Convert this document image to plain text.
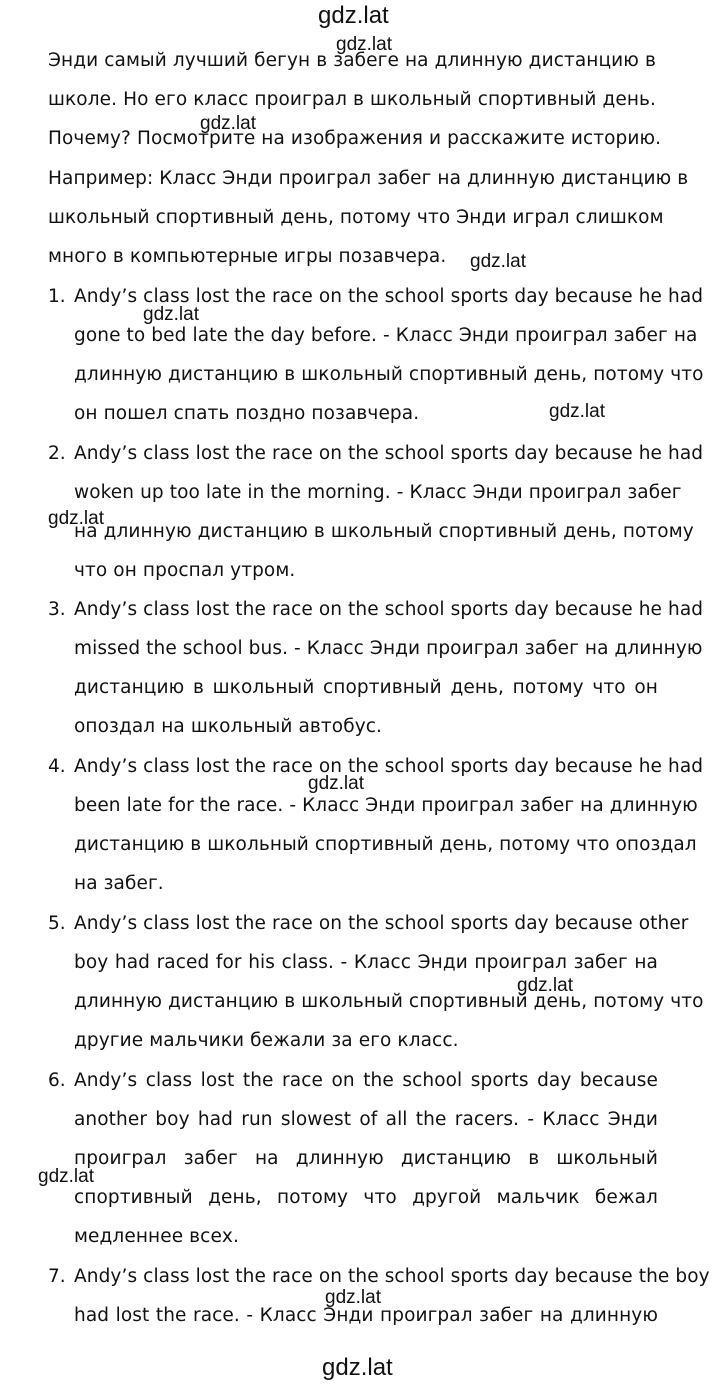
gdz.lat
gdz.lat
gdz.lat
gdz.lat
gdz.lat
gdz.lat
gdz.lat
gdz.lat
gdz.lat
gdz.lat
gdz.lat
gdz.lat
Энди самый лучший бегун в забеге на длинную дистанцию в
школе. Но его класс проиграл в школьный спортивный день.
Почему? Посмотрите на изображения и расскажите историю.
Например: Класс Энди проиграл забег на длинную дистанцию в
школьный спортивный день, потому что Энди играл слишком
много в компьютерные игры позавчера.
1. Andy’s class lost the race on the school sports day because he had
gone to bed late the day before. - Класс Энди проиграл забег на
длинную дистанцию в школьный спортивный день, потому что
он пошел спать поздно позавчера.
2. Andy’s class lost the race on the school sports day because he had
woken up too late in the morning. - Класс Энди проиграл забег
на длинную дистанцию в школьный спортивный день, потому
что он проспал утром.
3. Andy’s class lost the race on the school sports day because he had
missed the school bus. - Класс Энди проиграл забег на длинную
дистанцию в школьный спортивный день, потому что он
опоздал на школьный автобус.
4. Andy’s class lost the race on the school sports day because he had
been late for the race. - Класс Энди проиграл забег на длинную
дистанцию в школьный спортивный день, потому что опоздал
на забег.
5. Andy’s class lost the race on the school sports day because other
boy had raced for his class. - Класс Энди проиграл забег на
длинную дистанцию в школьный спортивный день, потому что
другие мальчики бежали за его класс.
6. Andy’s class lost the race on the school sports day because
another boy had run slowest of all the racers. - Класс Энди
проиграл забег на длинную дистанцию в школьный
спортивный день, потому что другой мальчик бежал
медленнее всех.
7. Andy’s class lost the race on the school sports day because the boy
had lost the race. - Класс Энди проиграл забег на длинную
